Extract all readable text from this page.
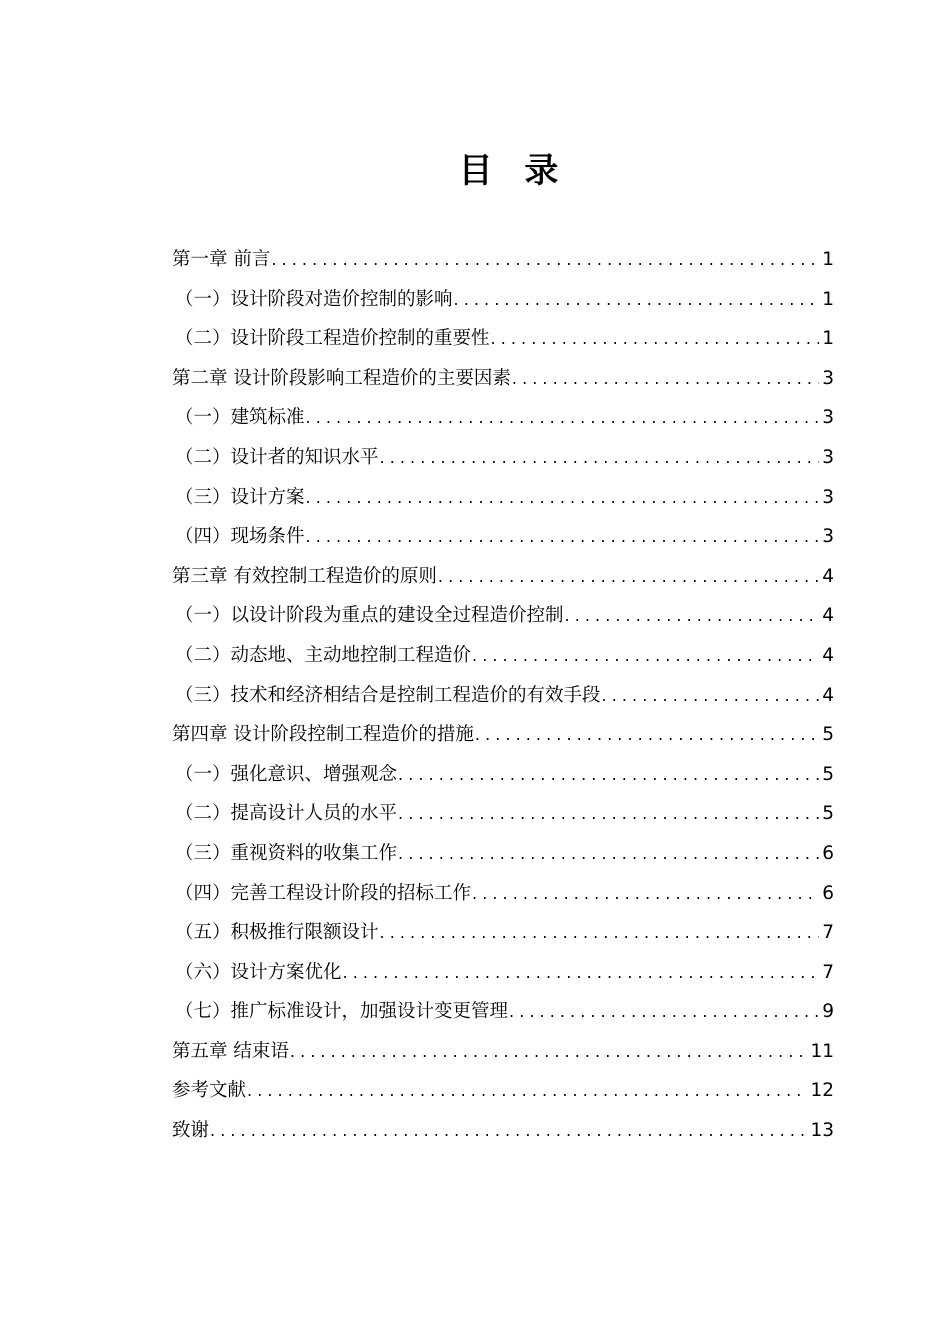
目 录
第一章 前言 . . .	1
（一）设计阶段对造价控制的影响 . . .	1
（二）设计阶段工程造价控制的重要性 . . .	1
第二章 设计阶段影响工程造价的主要因素 . . .	3
（一）建筑标准 . . .	3
（二）设计者的知识水平 . . .	3
（三）设计方案 . . .	3
（四）现场条件 . . .	3
第三章 有效控制工程造价的原则 . . .	4
（一）以设计阶段为重点的建设全过程造价控制 . . .	4
（二）动态地、主动地控制工程造价 . . .	4
（三）技术和经济相结合是控制工程造价的有效手段 . . .	4
第四章 设计阶段控制工程造价的措施 . . .	5
（一）强化意识、增强观念 . . .	5
（二）提高设计人员的水平 . . .	5
（三）重视资料的收集工作 . . .	6
（四）完善工程设计阶段的招标工作 . . .	6
（五）积极推行限额设计 . . .	7
（六）设计方案优化 . . .	7
（七）推广标准设计，加强设计变更管理 . . .	9
第五章 结束语 . . .	11
参考文献 . . .	12
致谢 . . .	13
